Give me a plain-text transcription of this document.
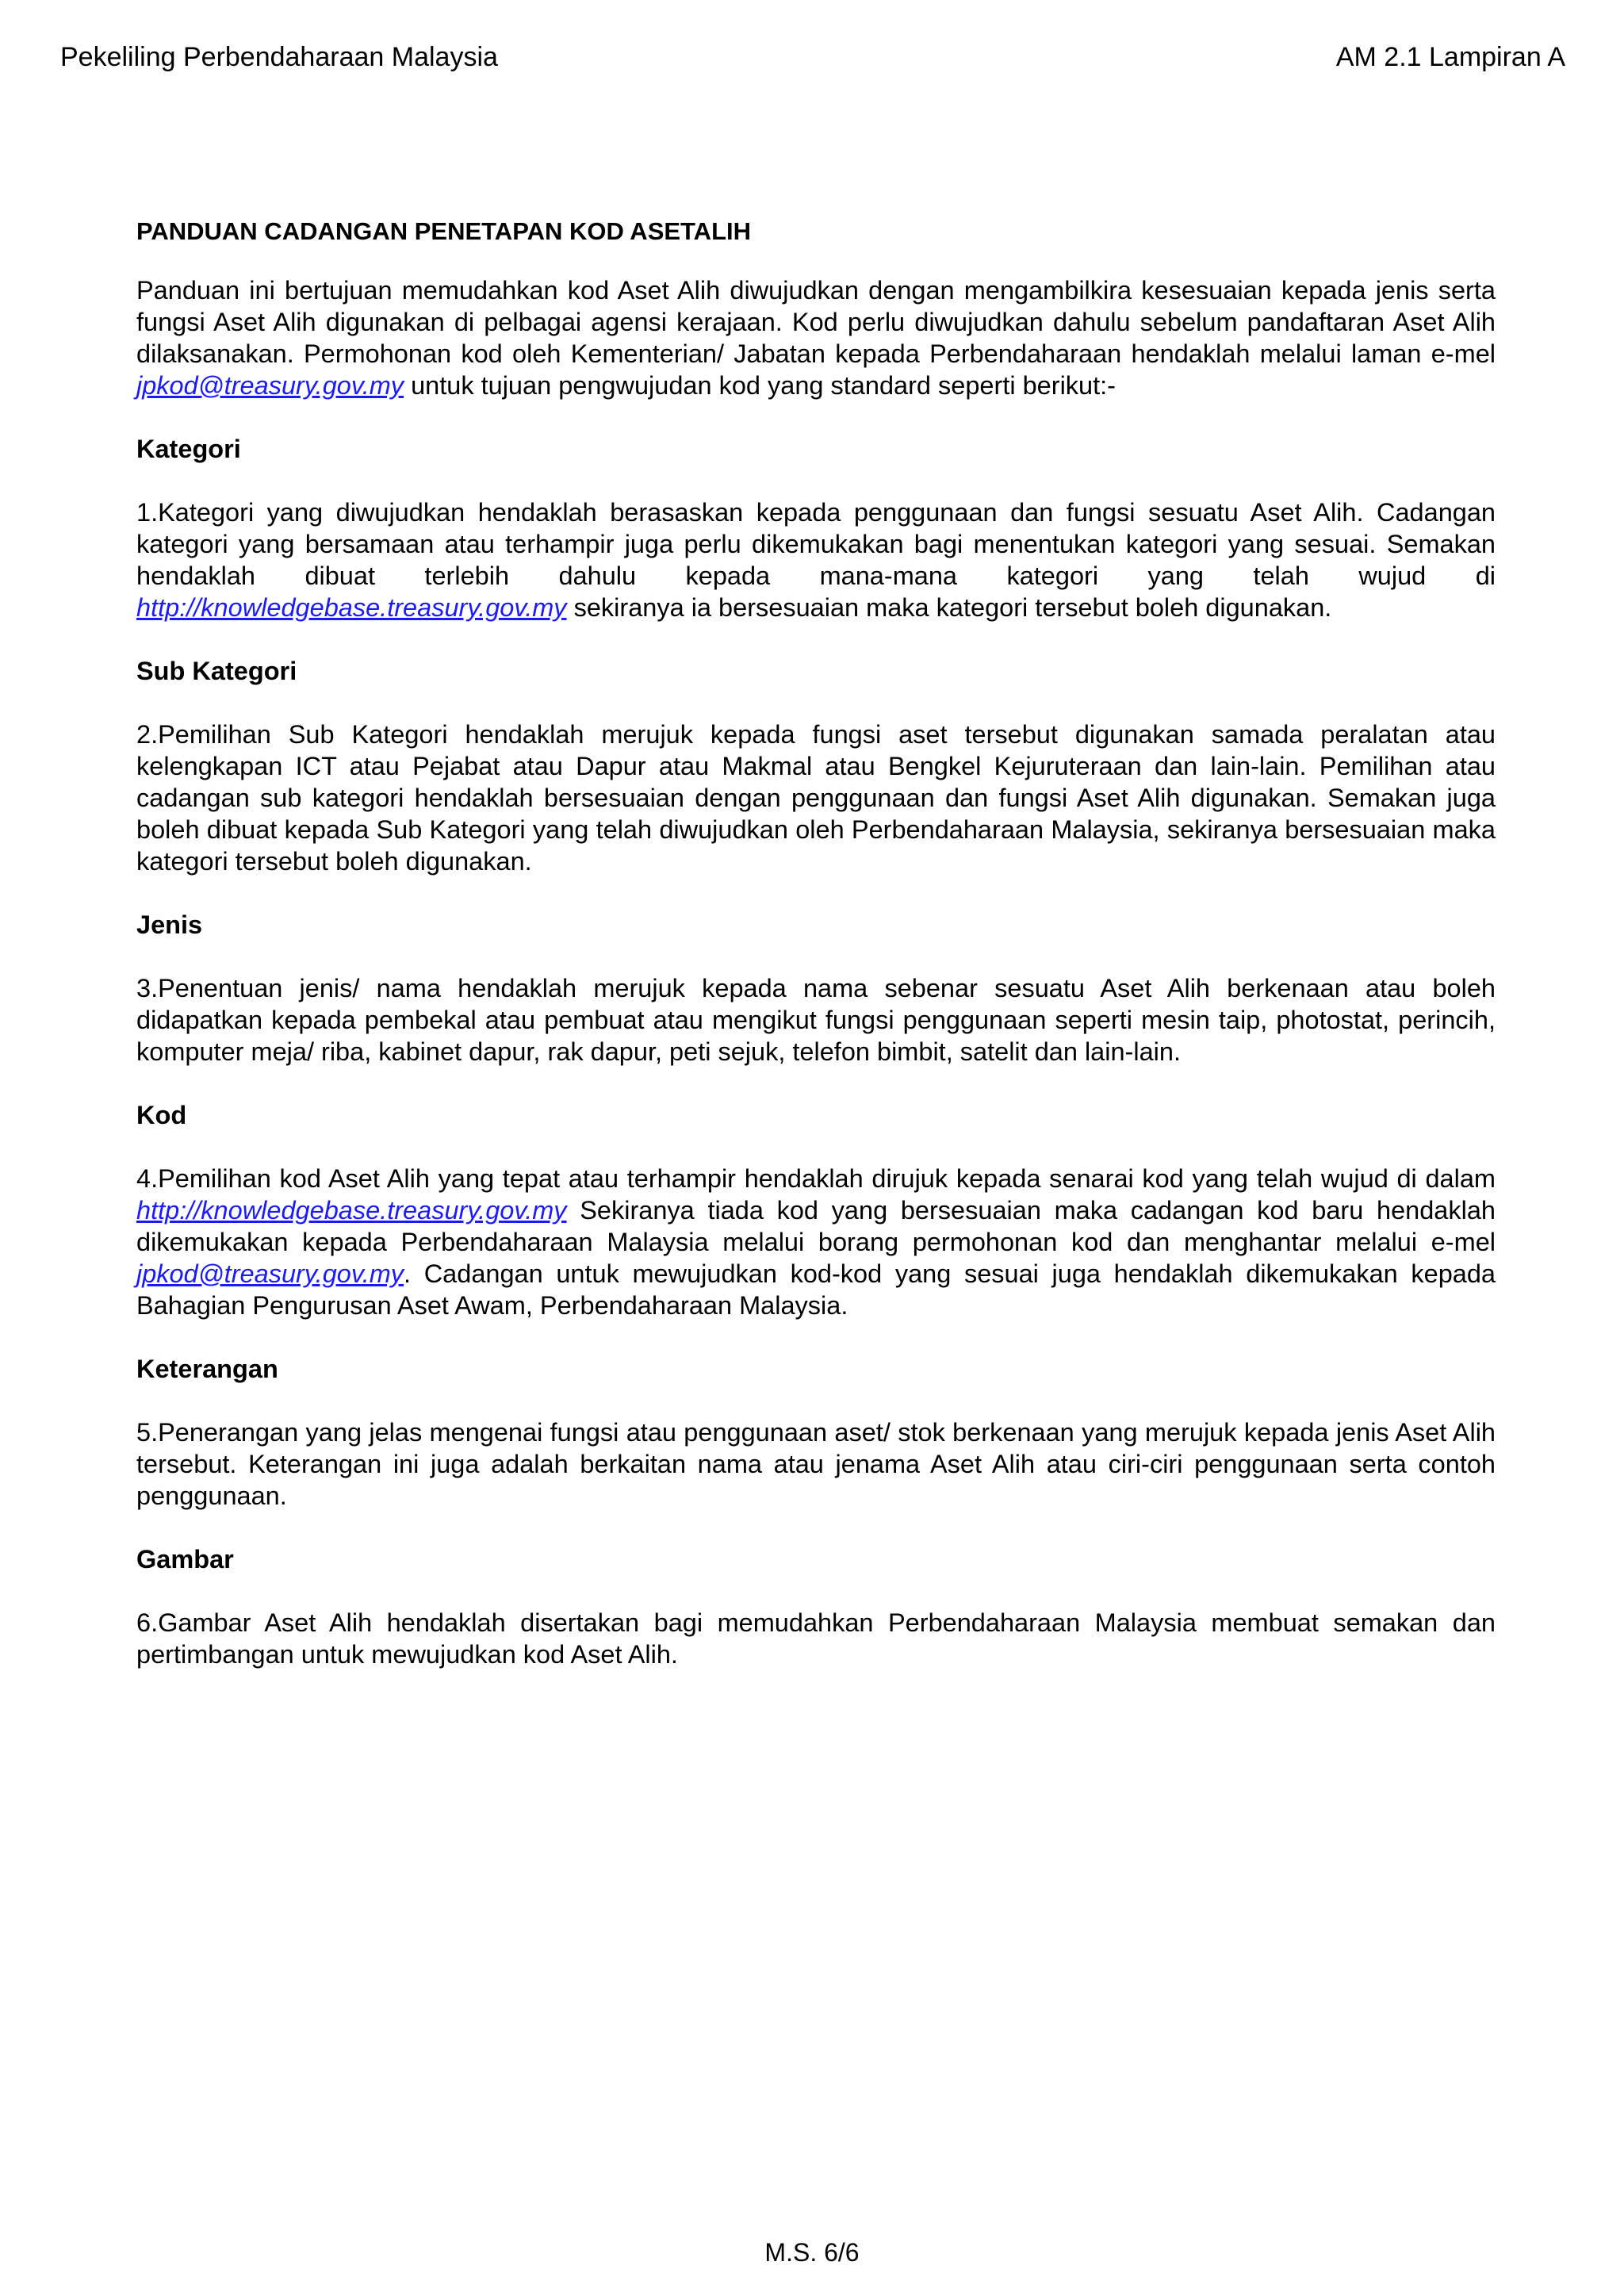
Pekeliling Perbendaharaan Malaysia	AM 2.1 Lampiran A
PANDUAN CADANGAN PENETAPAN KOD ASETALIH

Panduan ini bertujuan memudahkan kod Aset Alih diwujudkan dengan mengambilkira kesesuaian kepada jenis serta fungsi Aset Alih digunakan di pelbagai agensi kerajaan. Kod perlu diwujudkan dahulu sebelum pandaftaran Aset Alih dilaksanakan. Permohonan kod oleh Kementerian/ Jabatan kepada Perbendaharaan hendaklah melalui laman e-mel jpkod@treasury.gov.my untuk tujuan pengwujudan kod yang standard seperti berikut:-

Kategori

1.Kategori yang diwujudkan hendaklah berasaskan kepada penggunaan dan fungsi sesuatu Aset Alih. Cadangan kategori yang bersamaan atau terhampir juga perlu dikemukakan bagi menentukan kategori yang sesuai. Semakan hendaklah dibuat terlebih dahulu kepada mana-mana kategori yang telah wujud di http://knowledgebase.treasury.gov.my sekiranya ia bersesuaian maka kategori tersebut boleh digunakan.

Sub Kategori

2.Pemilihan Sub Kategori hendaklah merujuk kepada fungsi aset tersebut digunakan samada peralatan atau kelengkapan ICT atau Pejabat atau Dapur atau Makmal atau Bengkel Kejuruteraan dan lain-lain. Pemilihan atau cadangan sub kategori hendaklah bersesuaian dengan penggunaan dan fungsi Aset Alih digunakan. Semakan juga boleh dibuat kepada Sub Kategori yang telah diwujudkan oleh Perbendaharaan Malaysia, sekiranya bersesuaian maka kategori tersebut boleh digunakan.

Jenis

3.Penentuan jenis/ nama hendaklah merujuk kepada nama sebenar sesuatu Aset Alih berkenaan atau boleh didapatkan kepada pembekal atau pembuat atau mengikut fungsi penggunaan seperti mesin taip, photostat, perincih, komputer meja/ riba, kabinet dapur, rak dapur, peti sejuk, telefon bimbit, satelit dan lain-lain.

Kod

4.Pemilihan kod Aset Alih yang tepat atau terhampir hendaklah dirujuk kepada senarai kod yang telah wujud di dalam http://knowledgebase.treasury.gov.my Sekiranya tiada kod yang bersesuaian maka cadangan kod baru hendaklah dikemukakan kepada Perbendaharaan Malaysia melalui borang permohonan kod dan menghantar melalui e-mel jpkod@treasury.gov.my. Cadangan untuk mewujudkan kod-kod yang sesuai juga hendaklah dikemukakan kepada Bahagian Pengurusan Aset Awam, Perbendaharaan Malaysia.

Keterangan

5.Penerangan yang jelas mengenai fungsi atau penggunaan aset/ stok berkenaan yang merujuk kepada jenis Aset Alih tersebut. Keterangan ini juga adalah berkaitan nama atau jenama Aset Alih atau ciri-ciri penggunaan serta contoh penggunaan.

Gambar

6.Gambar Aset Alih hendaklah disertakan bagi memudahkan Perbendaharaan Malaysia membuat semakan dan pertimbangan untuk mewujudkan kod Aset Alih.

M.S. 6/6
